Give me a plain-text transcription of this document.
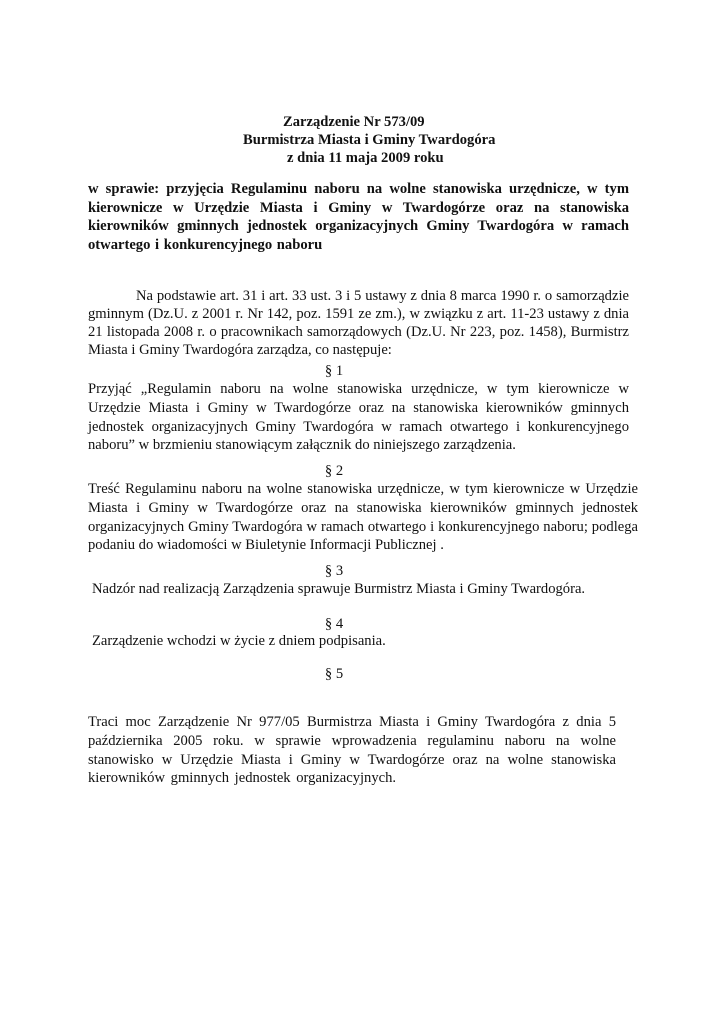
Zarządzenie Nr 573/09
Burmistrza Miasta i Gminy Twardogóra
z dnia 11 maja 2009 roku
w sprawie: przyjęcia Regulaminu naboru na wolne stanowiska urzędnicze, w tym kierownicze w Urzędzie Miasta i Gminy w Twardogórze oraz na stanowiska kierowników gminnych jednostek organizacyjnych Gminy Twardogóra w ramach otwartego i konkurencyjnego naboru
Na podstawie art. 31 i art. 33 ust. 3 i 5 ustawy z dnia 8 marca 1990 r. o samorządzie gminnym (Dz.U. z 2001 r. Nr 142, poz. 1591 ze zm.), w związku z art. 11-23 ustawy z dnia 21 listopada 2008 r. o pracownikach samorządowych (Dz.U. Nr 223, poz. 1458), Burmistrz Miasta i Gminy Twardogóra zarządza, co następuje:
§ 1
Przyjąć „Regulamin naboru na wolne stanowiska urzędnicze, w tym kierownicze w Urzędzie Miasta i Gminy w Twardogórze oraz na stanowiska kierowników gminnych jednostek organizacyjnych Gminy Twardogóra w ramach otwartego i konkurencyjnego naboru” w brzmieniu stanowiącym załącznik do niniejszego zarządzenia.
§ 2
Treść Regulaminu naboru na wolne stanowiska urzędnicze, w tym kierownicze w Urzędzie Miasta i Gminy w Twardogórze oraz na stanowiska kierowników gminnych jednostek organizacyjnych Gminy Twardogóra w ramach otwartego i konkurencyjnego naboru; podlega podaniu do wiadomości w Biuletynie Informacji Publicznej .
§ 3
Nadzór nad realizacją Zarządzenia sprawuje Burmistrz Miasta i Gminy Twardogóra.
§ 4
Zarządzenie wchodzi w życie z dniem podpisania.
§ 5
Traci moc Zarządzenie Nr 977/05 Burmistrza Miasta i Gminy Twardogóra z dnia 5 października 2005 roku. w sprawie wprowadzenia regulaminu naboru na wolne stanowisko w Urzędzie Miasta i Gminy w Twardogórze oraz na wolne stanowiska kierowników gminnych jednostek organizacyjnych.
